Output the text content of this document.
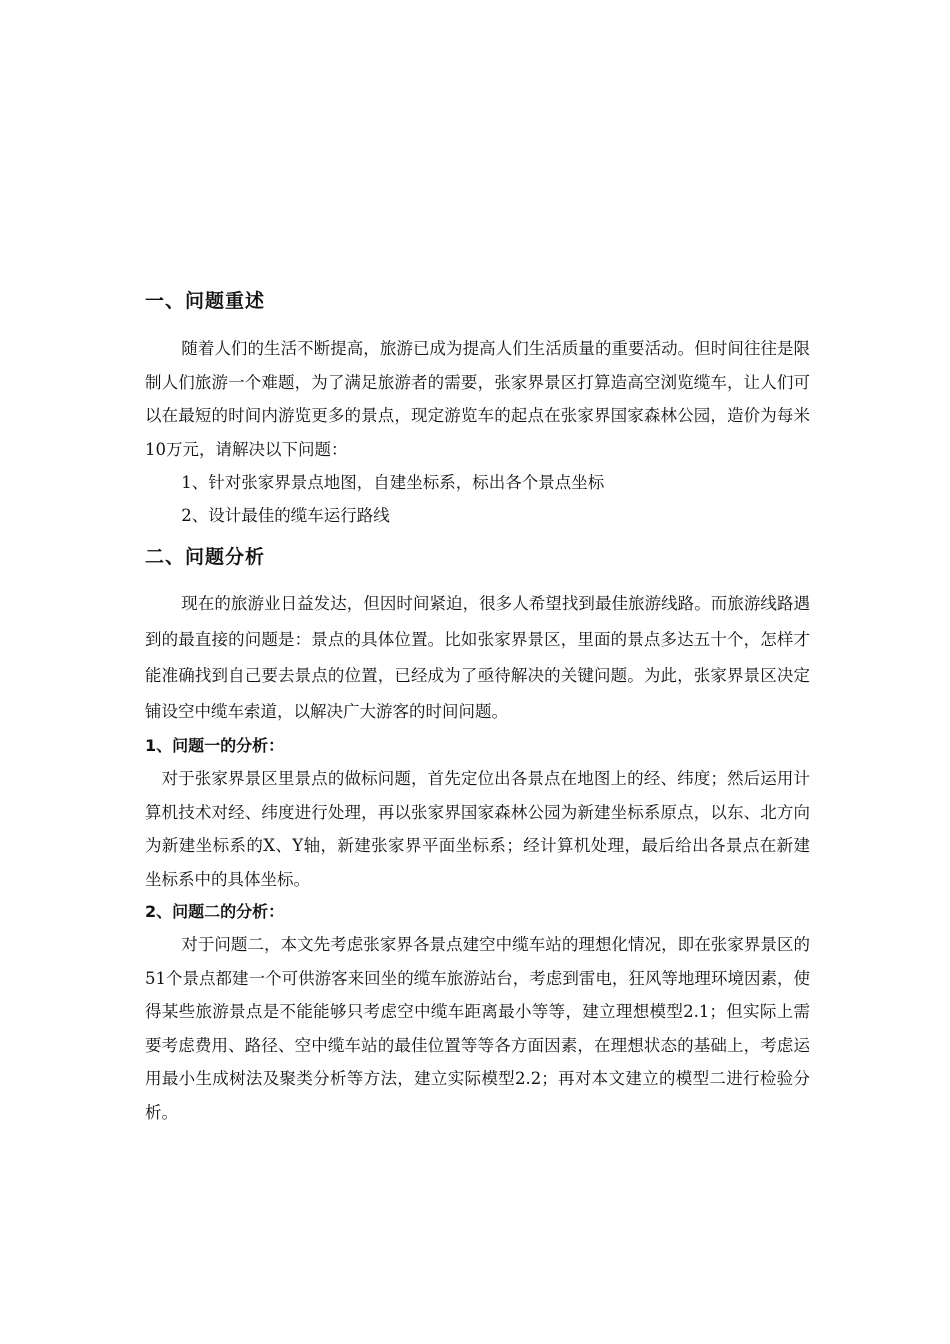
一、问题重述

随着人们的生活不断提高，旅游已成为提高人们生活质量的重要活动。但时间往往是限制人们旅游一个难题，为了满足旅游者的需要，张家界景区打算造高空浏览缆车，让人们可以在最短的时间内游览更多的景点，现定游览车的起点在张家界国家森林公园，造价为每米10万元，请解决以下问题：

1、针对张家界景点地图，自建坐标系，标出各个景点坐标
2、设计最佳的缆车运行路线
二、问题分析

现在的旅游业日益发达，但因时间紧迫，很多人希望找到最佳旅游线路。而旅游线路遇到的最直接的问题是：景点的具体位置。比如张家界景区，里面的景点多达五十个，怎样才能准确找到自己要去景点的位置，已经成为了亟待解决的关键问题。为此，张家界景区决定铺设空中缆车索道，以解决广大游客的时间问题。

1、问题一的分析：

对于张家界景区里景点的做标问题，首先定位出各景点在地图上的经、纬度；然后运用计算机技术对经、纬度进行处理，再以张家界国家森林公园为新建坐标系原点，以东、北方向为新建坐标系的X、Y轴，新建张家界平面坐标系；经计算机处理，最后给出各景点在新建坐标系中的具体坐标。

2、问题二的分析：

对于问题二，本文先考虑张家界各景点建空中缆车站的理想化情况，即在张家界景区的51个景点都建一个可供游客来回坐的缆车旅游站台，考虑到雷电，狂风等地理环境因素，使得某些旅游景点是不能能够只考虑空中缆车距离最小等等，建立理想模型2.1；但实际上需要考虑费用、路径、空中缆车站的最佳位置等等各方面因素，在理想状态的基础上，考虑运用最小生成树法及聚类分析等方法，建立实际模型2.2；再对本文建立的模型二进行检验分析。
